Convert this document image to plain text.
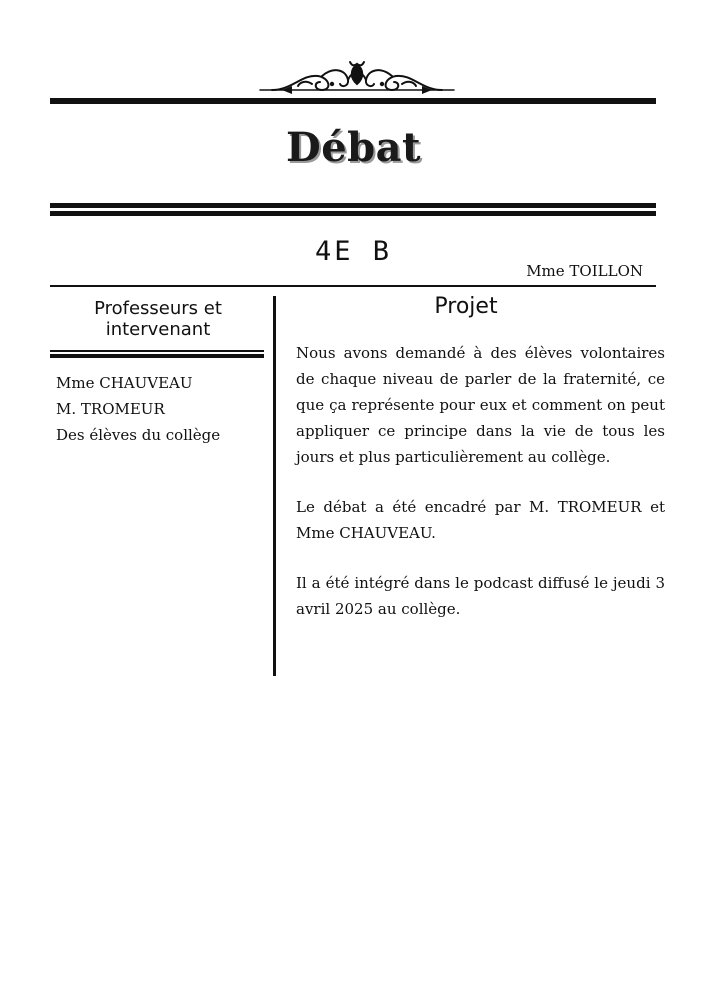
Débat
4E B
Mme TOILLON
Professeurs et intervenant
Mme CHAUVEAU
M. TROMEUR
Des élèves du collège
Projet

Nous avons demandé à des élèves volontaires de chaque niveau de parler de la fraternité, ce que ça représente pour eux et comment on peut appliquer ce principe dans la vie de tous les jours et plus particulièrement au collège.

Le débat a été encadré par M. TROMEUR et Mme CHAUVEAU.

Il a été intégré dans le podcast diffusé le jeudi 3 avril 2025 au collège.
